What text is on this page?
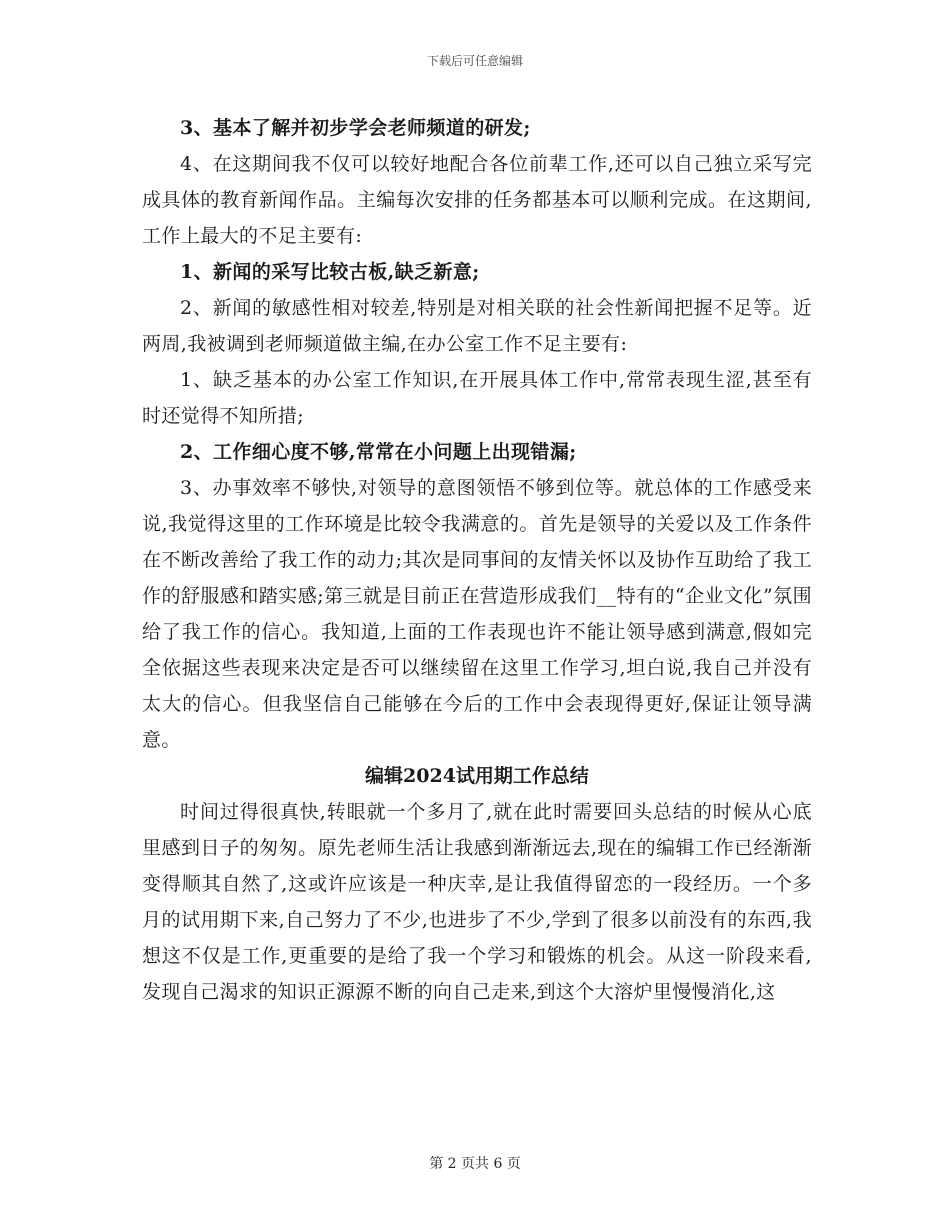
下载后可任意编辑

3、基本了解并初步学会老师频道的研发;

4、在这期间我不仅可以较好地配合各位前辈工作,还可以自己独立采写完成具体的教育新闻作品。主编每次安排的任务都基本可以顺利完成。在这期间,工作上最大的不足主要有:

1、新闻的采写比较古板,缺乏新意;

2、新闻的敏感性相对较差,特别是对相关联的社会性新闻把握不足等。近两周,我被调到老师频道做主编,在办公室工作不足主要有:

1、缺乏基本的办公室工作知识,在开展具体工作中,常常表现生涩,甚至有时还觉得不知所措;

2、工作细心度不够,常常在小问题上出现错漏;

3、办事效率不够快,对领导的意图领悟不够到位等。就总体的工作感受来说,我觉得这里的工作环境是比较令我满意的。首先是领导的关爱以及工作条件在不断改善给了我工作的动力;其次是同事间的友情关怀以及协作互助给了我工作的舒服感和踏实感;第三就是目前正在营造形成我们__特有的“企业文化”氛围给了我工作的信心。我知道,上面的工作表现也许不能让领导感到满意,假如完全依据这些表现来决定是否可以继续留在这里工作学习,坦白说,我自己并没有太大的信心。但我坚信自己能够在今后的工作中会表现得更好,保证让领导满意。

编辑2024试用期工作总结

时间过得很真快,转眼就一个多月了,就在此时需要回头总结的时候从心底里感到日子的匆匆。原先老师生活让我感到渐渐远去,现在的编辑工作已经渐渐变得顺其自然了,这或许应该是一种庆幸,是让我值得留恋的一段经历。一个多月的试用期下来,自己努力了不少,也进步了不少,学到了很多以前没有的东西,我想这不仅是工作,更重要的是给了我一个学习和锻炼的机会。从这一阶段来看,发现自己渴求的知识正源源不断的向自己走来,到这个大溶炉里慢慢消化,这

第 2 页共 6 页
